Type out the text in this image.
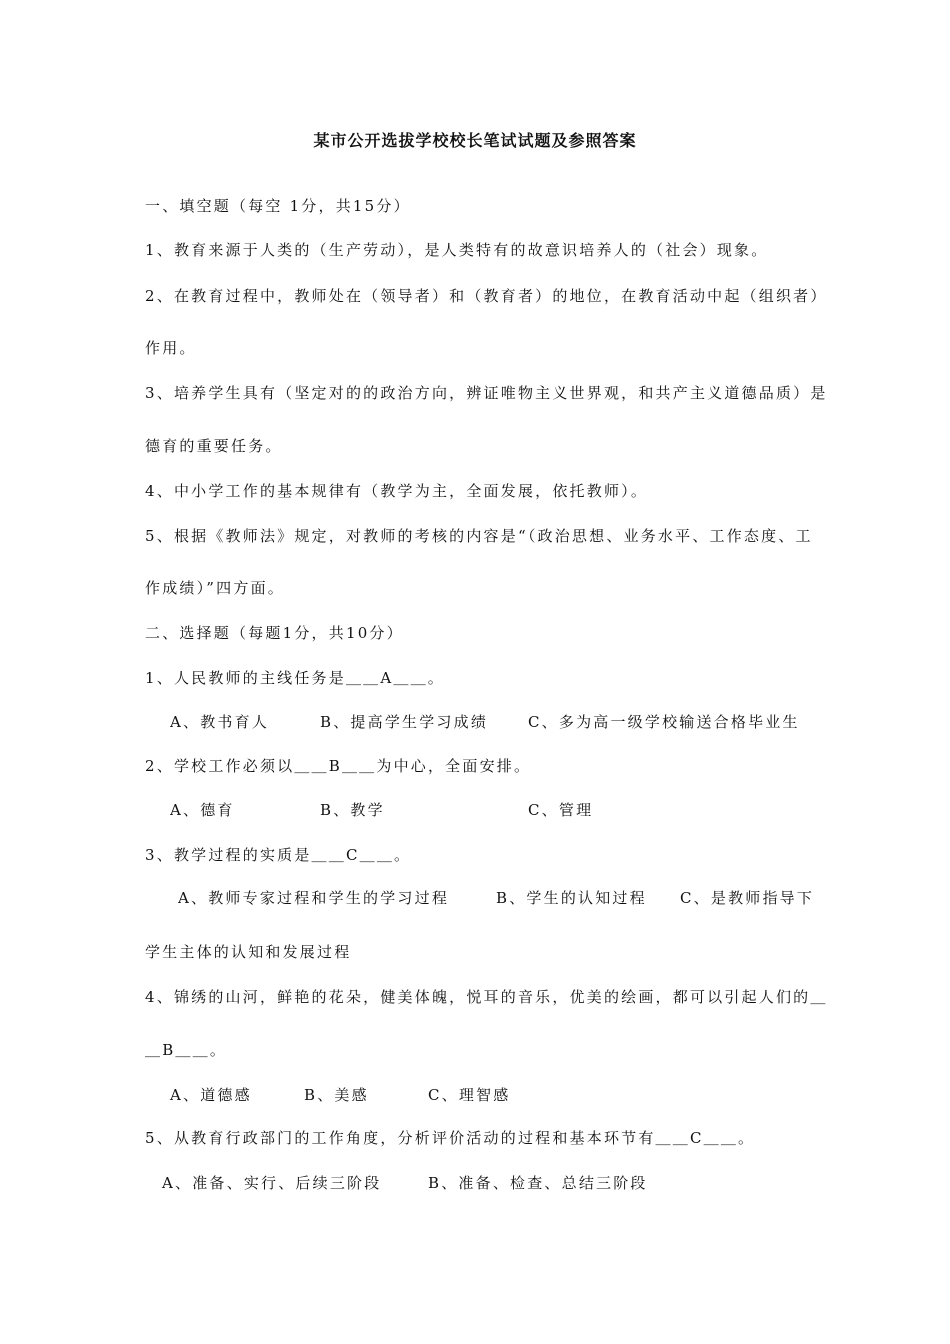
某市公开选拔学校校长笔试试题及参照答案
一、填空题（每空 1分，共15分）
1、教育来源于人类的（生产劳动），是人类特有的故意识培养人的（社会）现象。
2、在教育过程中，教师处在（领导者）和（教育者）的地位，在教育活动中起（组织者）
作用。
3、培养学生具有（坚定对的的政治方向，辨证唯物主义世界观，和共产主义道德品质）是
德育的重要任务。
4、中小学工作的基本规律有（教学为主，全面发展，依托教师）。
5、根据《教师法》规定，对教师的考核的内容是“（政治思想、业务水平、工作态度、工
作成绩）”四方面。
二、选择题（每题1分，共10分）
1、人民教师的主线任务是＿＿A＿＿。
A、教书育人	B、提高学生学习成绩	C、多为高一级学校输送合格毕业生
2、学校工作必须以＿＿B＿＿为中心，全面安排。
A、德育	B、教学	C、管理
3、教学过程的实质是＿＿C＿＿。
A、教师专家过程和学生的学习过程	B、学生的认知过程 C、是教师指导下
学生主体的认知和发展过程
4、锦绣的山河，鲜艳的花朵，健美体魄，悦耳的音乐，优美的绘画，都可以引起人们的＿
＿B＿＿。
A、道德感	B、美感	C、理智感
5、从教育行政部门的工作角度，分析评价活动的过程和基本环节有＿＿C＿＿。
A、准备、实行、后续三阶段	B、准备、检查、总结三阶段
